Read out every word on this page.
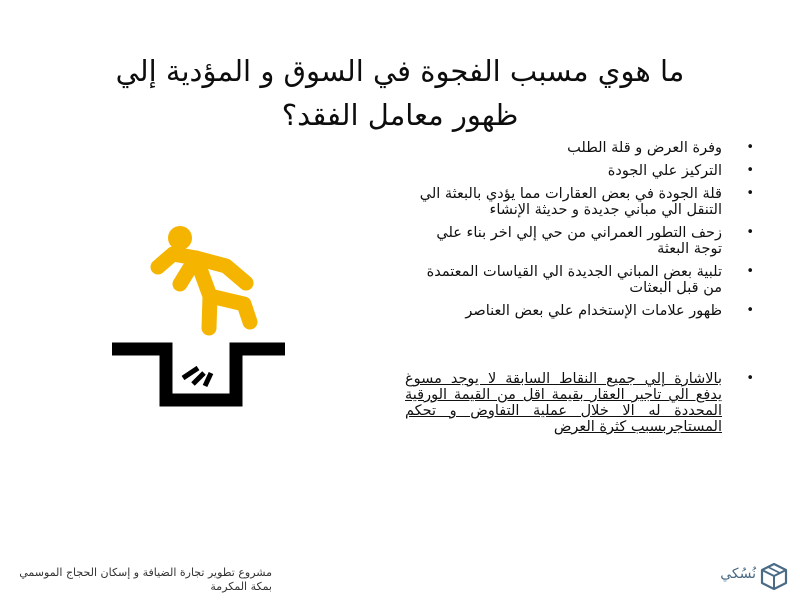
ما هوي مسبب الفجوة في السوق و المؤدية إلي
ظهور معامل الفقد؟
• وفرة العرض و قلة الطلب
• التركيز علي الجودة
• قلة الجودة في بعض العقارات مما يؤدي بالبعثة الي التنقل الي مباني جديدة و حديثة الإنشاء
• زحف التطور العمراني من حي إلي اخر بناء علي توجة البعثة
• تلبية بعض المباني الجديدة الي القياسات المعتمدة من قبل البعثات
• ظهور علامات الإستخدام علي بعض العناصر
• بالاشارة إلي جميع النقاط السابقة لا يوجد مسوغ يدفع الي تاجير العقار بقيمة اقل من القيمة الورقية المحددة له الا خلال عملية التفاوض و تحكم المستاجربسبب كثرة العرض
مشروع تطوير تجارة الضيافة و إسكان الحجاج الموسمي بمكة المكرمة
نُسُكي
